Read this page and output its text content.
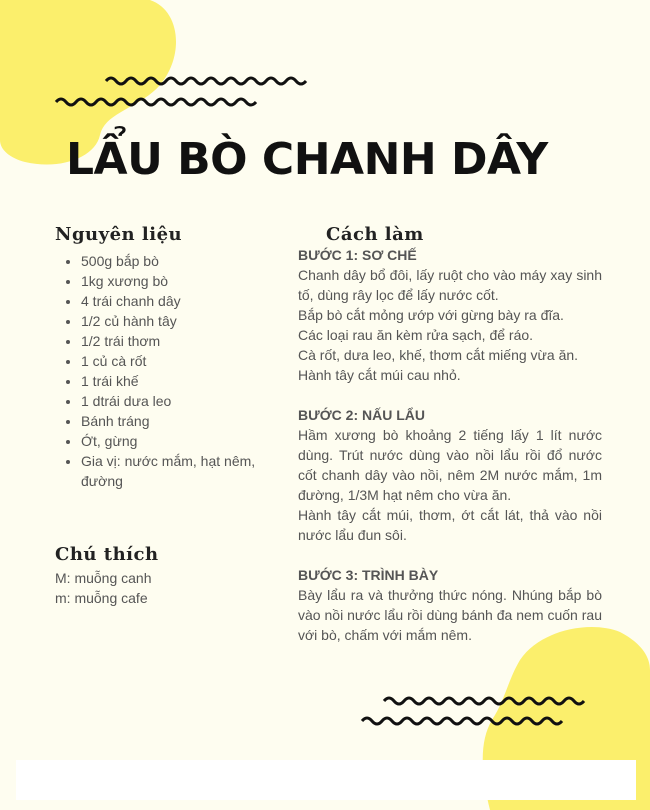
LẨU BÒ CHANH DÂY
Nguyên liệu
• 500g bắp bò
• 1kg xương bò
• 4 trái chanh dây
• 1/2 củ hành tây
• 1/2 trái thơm
• 1 củ cà rốt
• 1 trái khế
• 1 dtrái dưa leo
• Bánh tráng
• Ớt, gừng
• Gia vị: nước mắm, hạt nêm, đường
Chú thích
M: muỗng canh
m: muỗng cafe
Cách làm
BƯỚC 1: SƠ CHẾ
Chanh dây bổ đôi, lấy ruột cho vào máy xay sinh tố, dùng rây lọc để lấy nước cốt.
Bắp bò cắt mỏng ướp với gừng bày ra đĩa.
Các loại rau ăn kèm rửa sạch, để ráo.
Cà rốt, dưa leo, khế, thơm cắt miếng vừa ăn.
Hành tây cắt múi cau nhỏ.
BƯỚC 2: NẤU LẨU
Hầm xương bò khoảng 2 tiếng lấy 1 lít nước dùng. Trút nước dùng vào nồi lẩu rồi đổ nước cốt chanh dây vào nồi, nêm 2M nước mắm, 1m đường, 1/3M hạt nêm cho vừa ăn.
Hành tây cắt múi, thơm, ớt cắt lát, thả vào nồi nước lẩu đun sôi.
BƯỚC 3: TRÌNH BÀY
Bày lẩu ra và thưởng thức nóng. Nhúng bắp bò vào nồi nước lẩu rồi dùng bánh đa nem cuốn rau với bò, chấm với mắm nêm.
